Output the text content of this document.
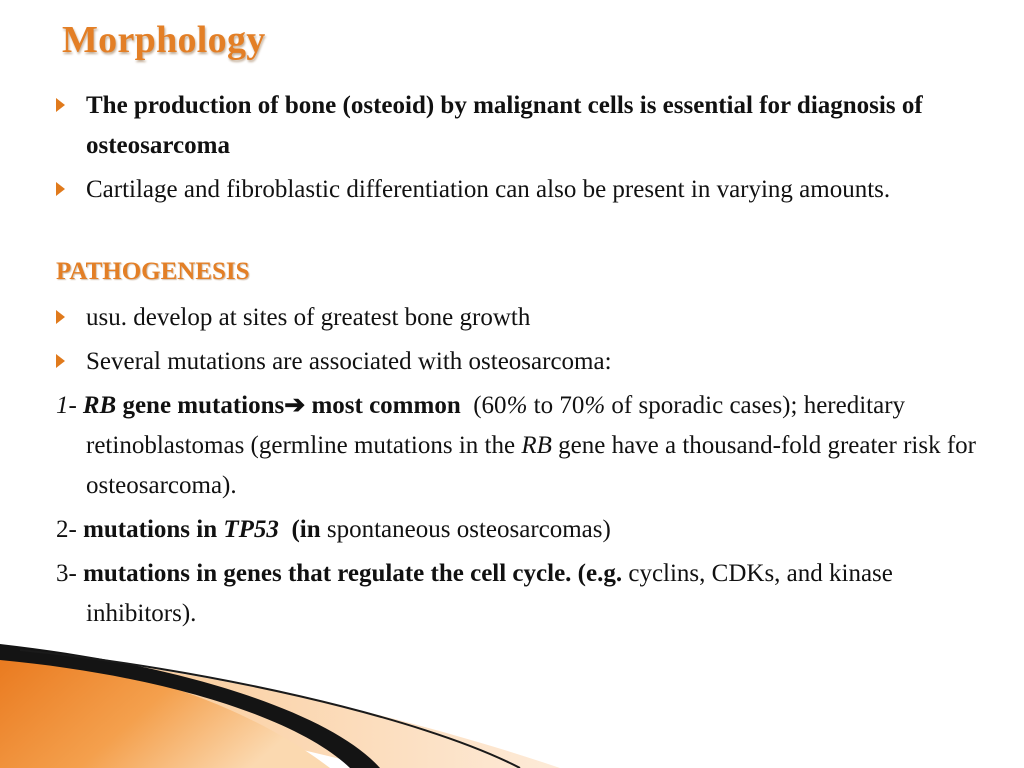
Morphology
The production of bone (osteoid) by malignant cells is essential for diagnosis of osteosarcoma
Cartilage and fibroblastic differentiation can also be present in varying amounts.
PATHOGENESIS
usu. develop at sites of greatest bone growth
Several mutations are associated with osteosarcoma:
1- RB gene mutations➔ most common (60% to 70% of sporadic cases); hereditary retinoblastomas (germline mutations in the RB gene have a thousand-fold greater risk for osteosarcoma).
2- mutations in TP53 (in spontaneous osteosarcomas)
3- mutations in genes that regulate the cell cycle. (e.g. cyclins, CDKs, and kinase inhibitors).
